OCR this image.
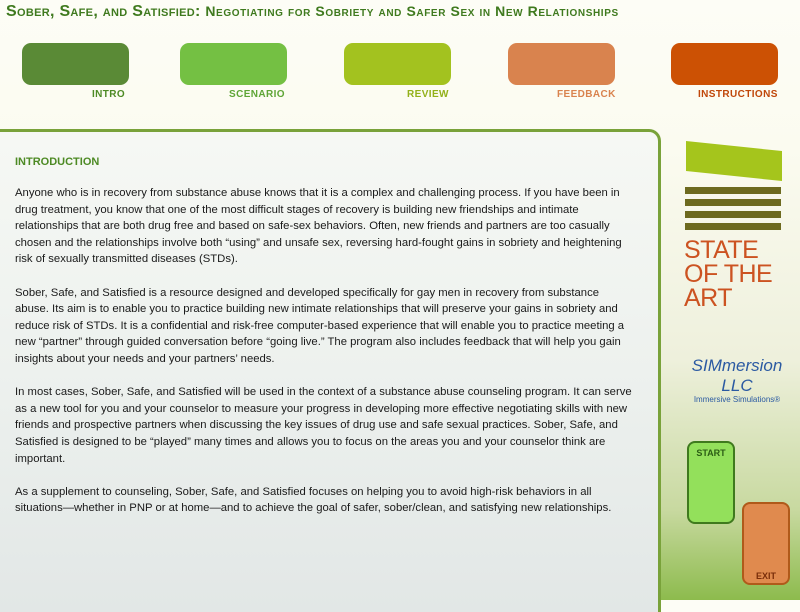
Sober, Safe, and Satisfied: Negotiating for Sobriety and Safer Sex in New Relationships
INTRO	SCENARIO	REVIEW	FEEDBACK	INSTRUCTIONS
INTRODUCTION

Anyone who is in recovery from substance abuse knows that it is a complex and challenging process. If you have been in drug treatment, you know that one of the most difficult stages of recovery is building new friendships and intimate relationships that are both drug free and based on safe-sex behaviors. Often, new friends and partners are too casually chosen and the relationships involve both “using” and unsafe sex, reversing hard-fought gains in sobriety and heightening risk of sexually transmitted diseases (STDs).

Sober, Safe, and Satisfied is a resource designed and developed specifically for gay men in recovery from substance abuse. Its aim is to enable you to practice building new intimate relationships that will preserve your gains in sobriety and reduce risk of STDs. It is a confidential and risk-free computer-based experience that will enable you to practice meeting a new “partner” through guided conversation before “going live.” The program also includes feedback that will help you gain insights about your needs and your partners’ needs.

In most cases, Sober, Safe, and Satisfied will be used in the context of a substance abuse counseling program. It can serve as a new tool for you and your counselor to measure your progress in developing more effective negotiating skills with new friends and prospective partners when discussing the key issues of drug use and safe sexual practices. Sober, Safe, and Satisfied is designed to be “played” many times and allows you to focus on the areas you and your counselor think are important.

As a supplement to counseling, Sober, Safe, and Satisfied focuses on helping you to avoid high-risk behaviors in all situations—whether in PNP or at home—and to achieve the goal of safer, sober/clean, and satisfying new relationships.

STATE
OF THE
ART
SIMmersion LLC
Immersive Simulations®
START
EXIT
